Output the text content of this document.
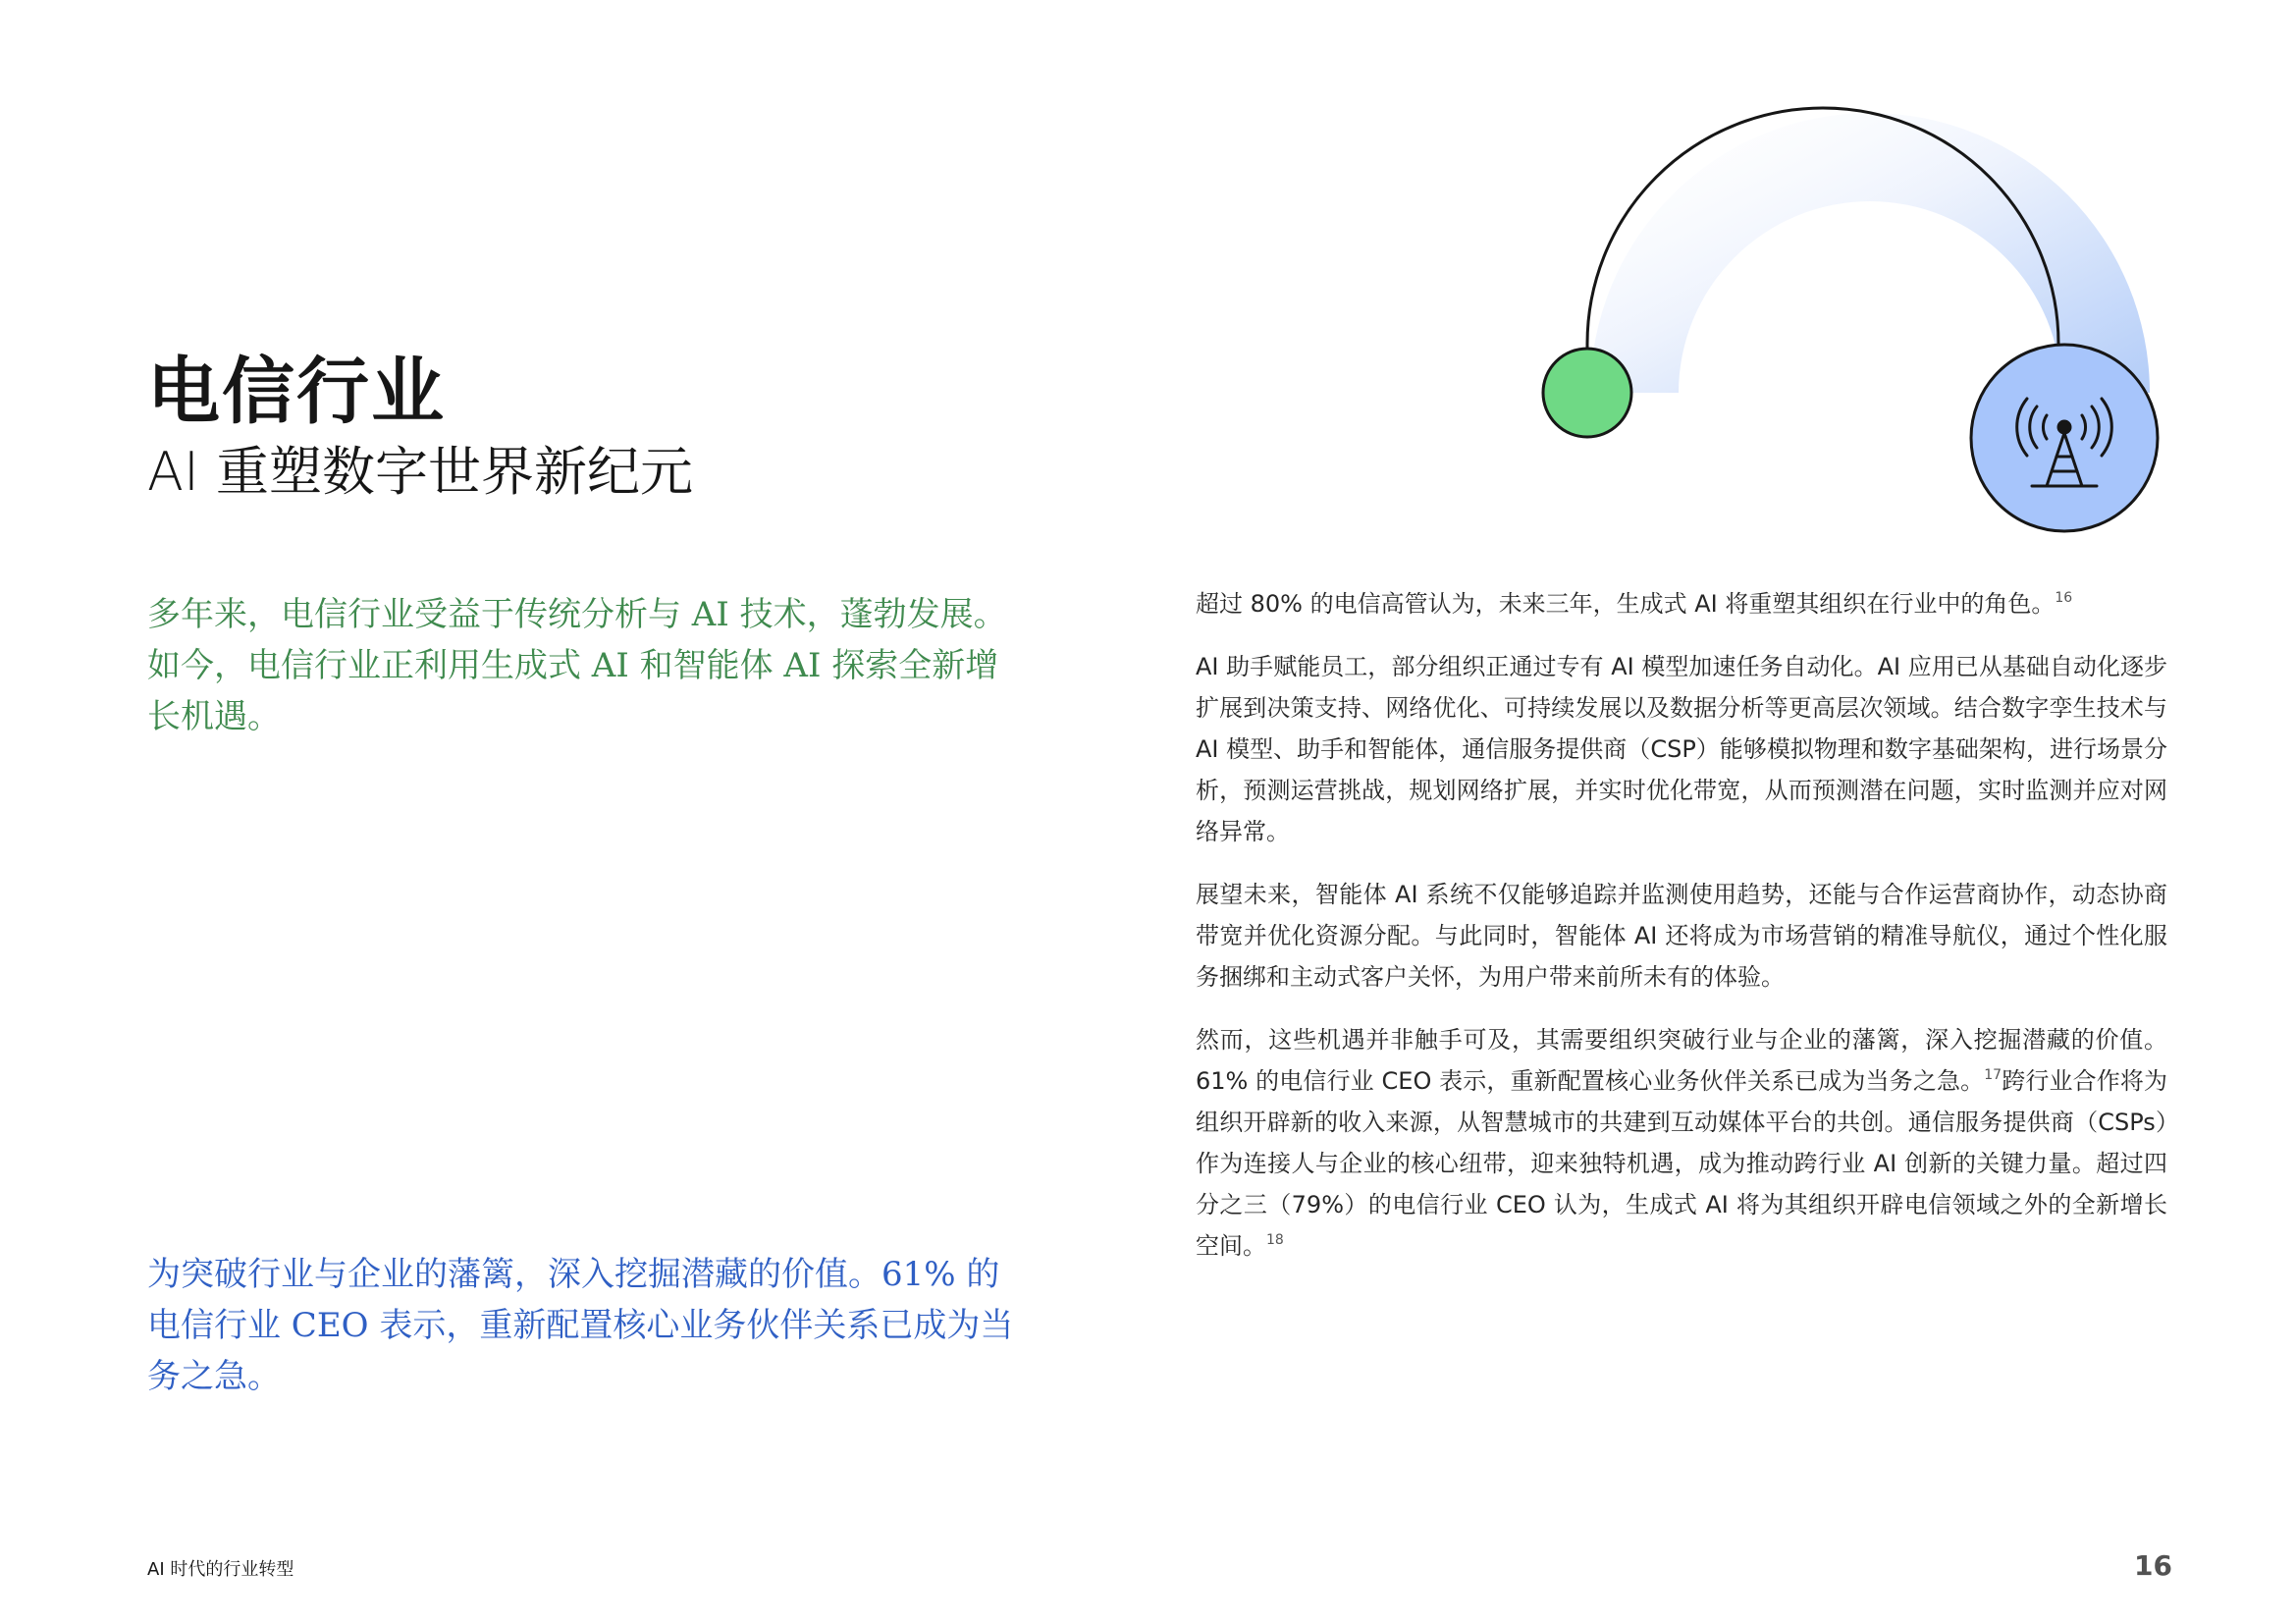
电信行业
AI 重塑数字世界新纪元
多年来，电信行业受益于传统分析与 AI 技术，蓬勃发展。如今，电信行业正利用生成式 AI 和智能体 AI 探索全新增长机遇。
为突破行业与企业的藩篱，深入挖掘潜藏的价值。61% 的电信行业 CEO 表示，重新配置核心业务伙伴关系已成为当务之急。

超过 80% 的电信高管认为，未来三年，生成式 AI 将重塑其组织在行业中的角色。$^{16}$

AI 助手赋能员工，部分组织正通过专有 AI 模型加速任务自动化。AI 应用已从基础自动化逐步扩展到决策支持、网络优化、可持续发展以及数据分析等更高层次领域。结合数字孪生技术与 AI 模型、助手和智能体，通信服务提供商（CSP）能够模拟物理和数字基础架构，进行场景分析，预测运营挑战，规划网络扩展，并实时优化带宽，从而预测潜在问题，实时监测并应对网络异常。

展望未来，智能体 AI 系统不仅能够追踪并监测使用趋势，还能与合作运营商协作，动态协商带宽并优化资源分配。与此同时，智能体 AI 还将成为市场营销的精准导航仪，通过个性化服务捆绑和主动式客户关怀，为用户带来前所未有的体验。

然而，这些机遇并非触手可及，其需要组织突破行业与企业的藩篱，深入挖掘潜藏的价值。61% 的电信行业 CEO 表示，重新配置核心业务伙伴关系已成为当务之急。$^{17}$跨行业合作将为组织开辟新的收入来源，从智慧城市的共建到互动媒体平台的共创。通信服务提供商（CSPs）作为连接人与企业的核心纽带，迎来独特机遇，成为推动跨行业 AI 创新的关键力量。超过四分之三（79%）的电信行业 CEO 认为，生成式 AI 将为其组织开辟电信领域之外的全新增长空间。$^{18}$

AI 时代的行业转型	16
